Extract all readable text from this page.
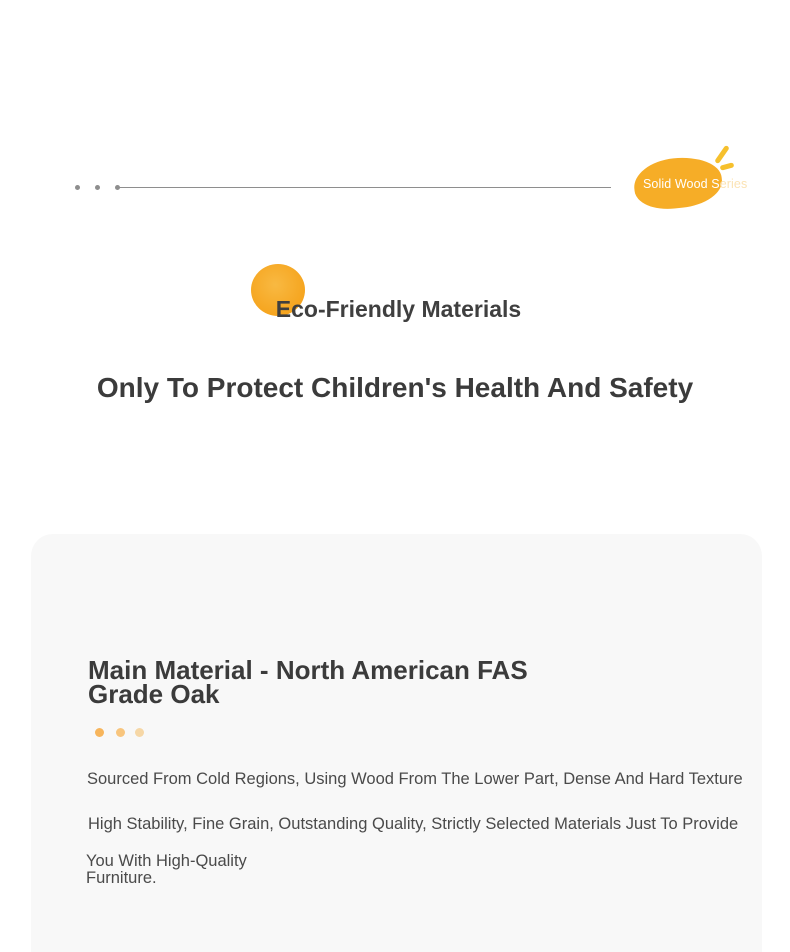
Solid Wood Series
Eco-Friendly Materials
Only To Protect Children's Health And Safety
Main Material - North American FAS Grade Oak
Sourced From Cold Regions, Using Wood From The Lower Part, Dense And Hard Texture
High Stability, Fine Grain, Outstanding Quality, Strictly Selected Materials Just To Provide
You With High-Quality Furniture.
